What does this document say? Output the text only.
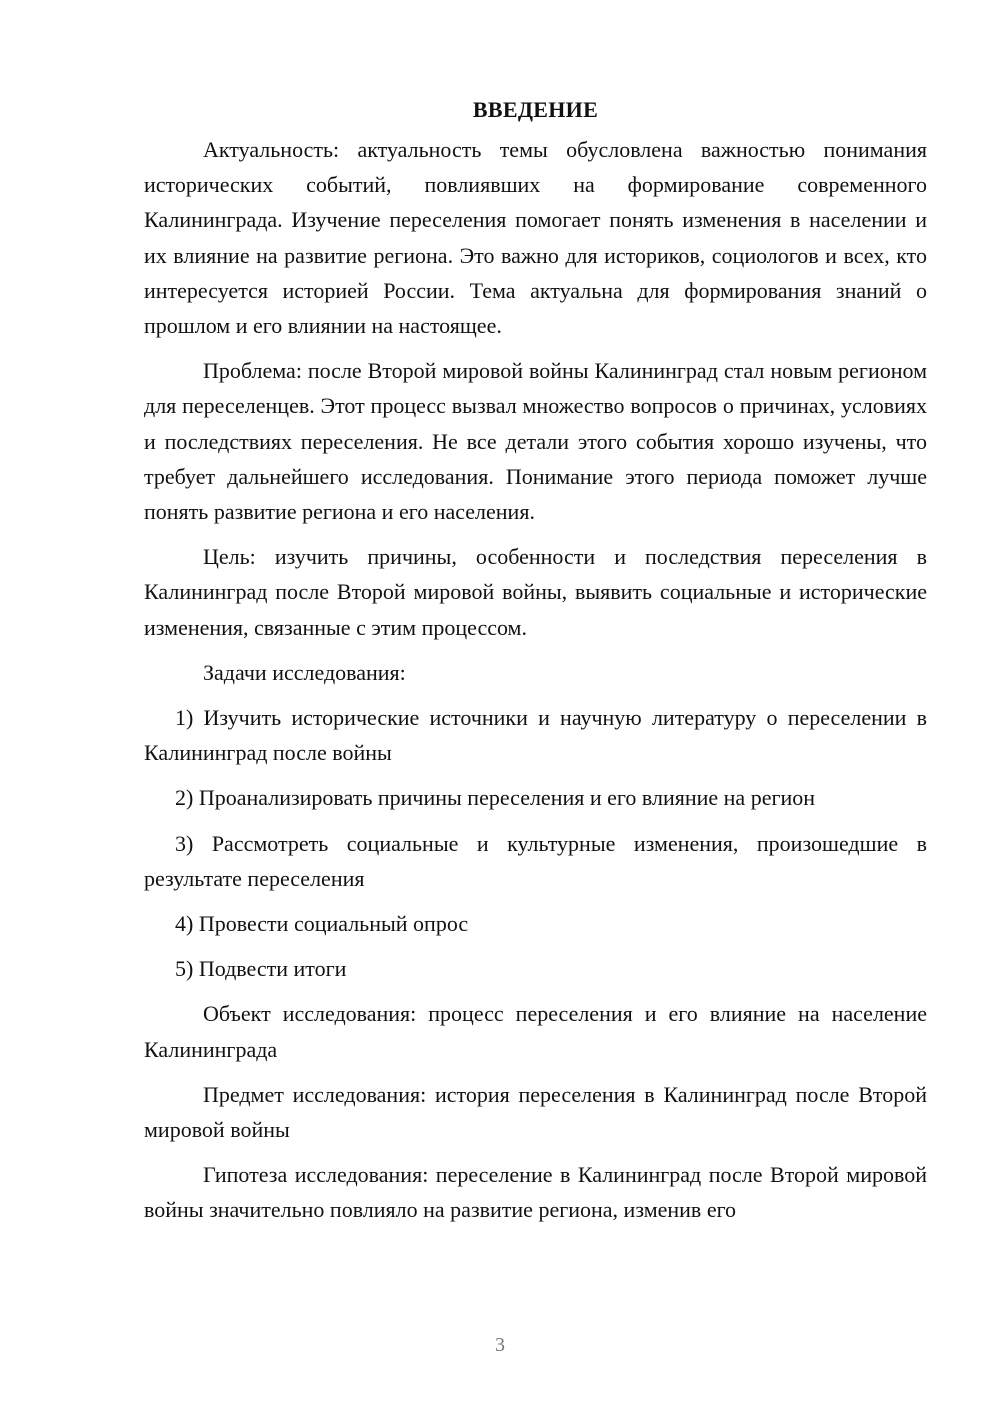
ВВЕДЕНИЕ

Актуальность: актуальность темы обусловлена важностью понимания исторических событий, повлиявших на формирование современного Калининграда. Изучение переселения помогает понять изменения в населении и их влияние на развитие региона. Это важно для историков, социологов и всех, кто интересуется историей России. Тема актуальна для формирования знаний о прошлом и его влиянии на настоящее.

Проблема: после Второй мировой войны Калининград стал новым регионом для переселенцев. Этот процесс вызвал множество вопросов о причинах, условиях и последствиях переселения. Не все детали этого события хорошо изучены, что требует дальнейшего исследования. Понимание этого периода поможет лучше понять развитие региона и его населения.

Цель: изучить причины, особенности и последствия переселения в Калининград после Второй мировой войны, выявить социальные и исторические изменения, связанные с этим процессом.

Задачи исследования:

1) Изучить исторические источники и научную литературу о переселении в Калининград после войны

2) Проанализировать причины переселения и его влияние на регион

3) Рассмотреть социальные и культурные изменения, произошедшие в результате переселения

4) Провести социальный опрос

5) Подвести итоги

Объект исследования: процесс переселения и его влияние на население Калининграда

Предмет исследования: история переселения в Калининград после Второй мировой войны

Гипотеза исследования: переселение в Калининград после Второй мировой войны значительно повлияло на развитие региона, изменив его

3
